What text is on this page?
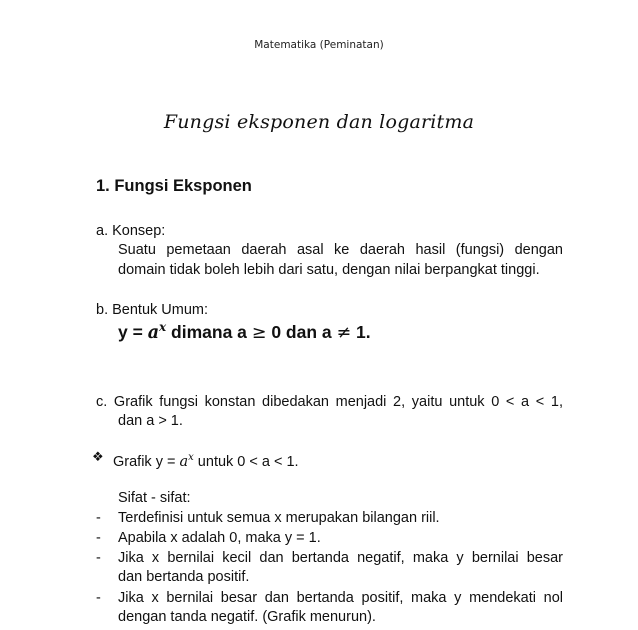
Matematika (Peminatan)
Fungsi eksponen dan logaritma
1. Fungsi Eksponen
a. Konsep:
Suatu pemetaan daerah asal ke daerah hasil (fungsi) dengan
domain tidak boleh lebih dari satu, dengan nilai berpangkat tinggi.
b. Bentuk Umum:
$y = a^x$ dimana a ≥ 0 dan a ≠ 1.
c. Grafik fungsi konstan dibedakan menjadi 2, yaitu untuk 0 < a < 1,
dan a > 1.
❖ Grafik $y = a^x$ untuk 0 < a < 1.
Sifat - sifat:
- Terdefinisi untuk semua x merupakan bilangan riil.
- Apabila x adalah 0, maka y = 1.
- Jika x bernilai kecil dan bertanda negatif, maka y bernilai besar
dan bertanda positif.
- Jika x bernilai besar dan bertanda positif, maka y mendekati nol
dengan tanda negatif. (Grafik menurun).
